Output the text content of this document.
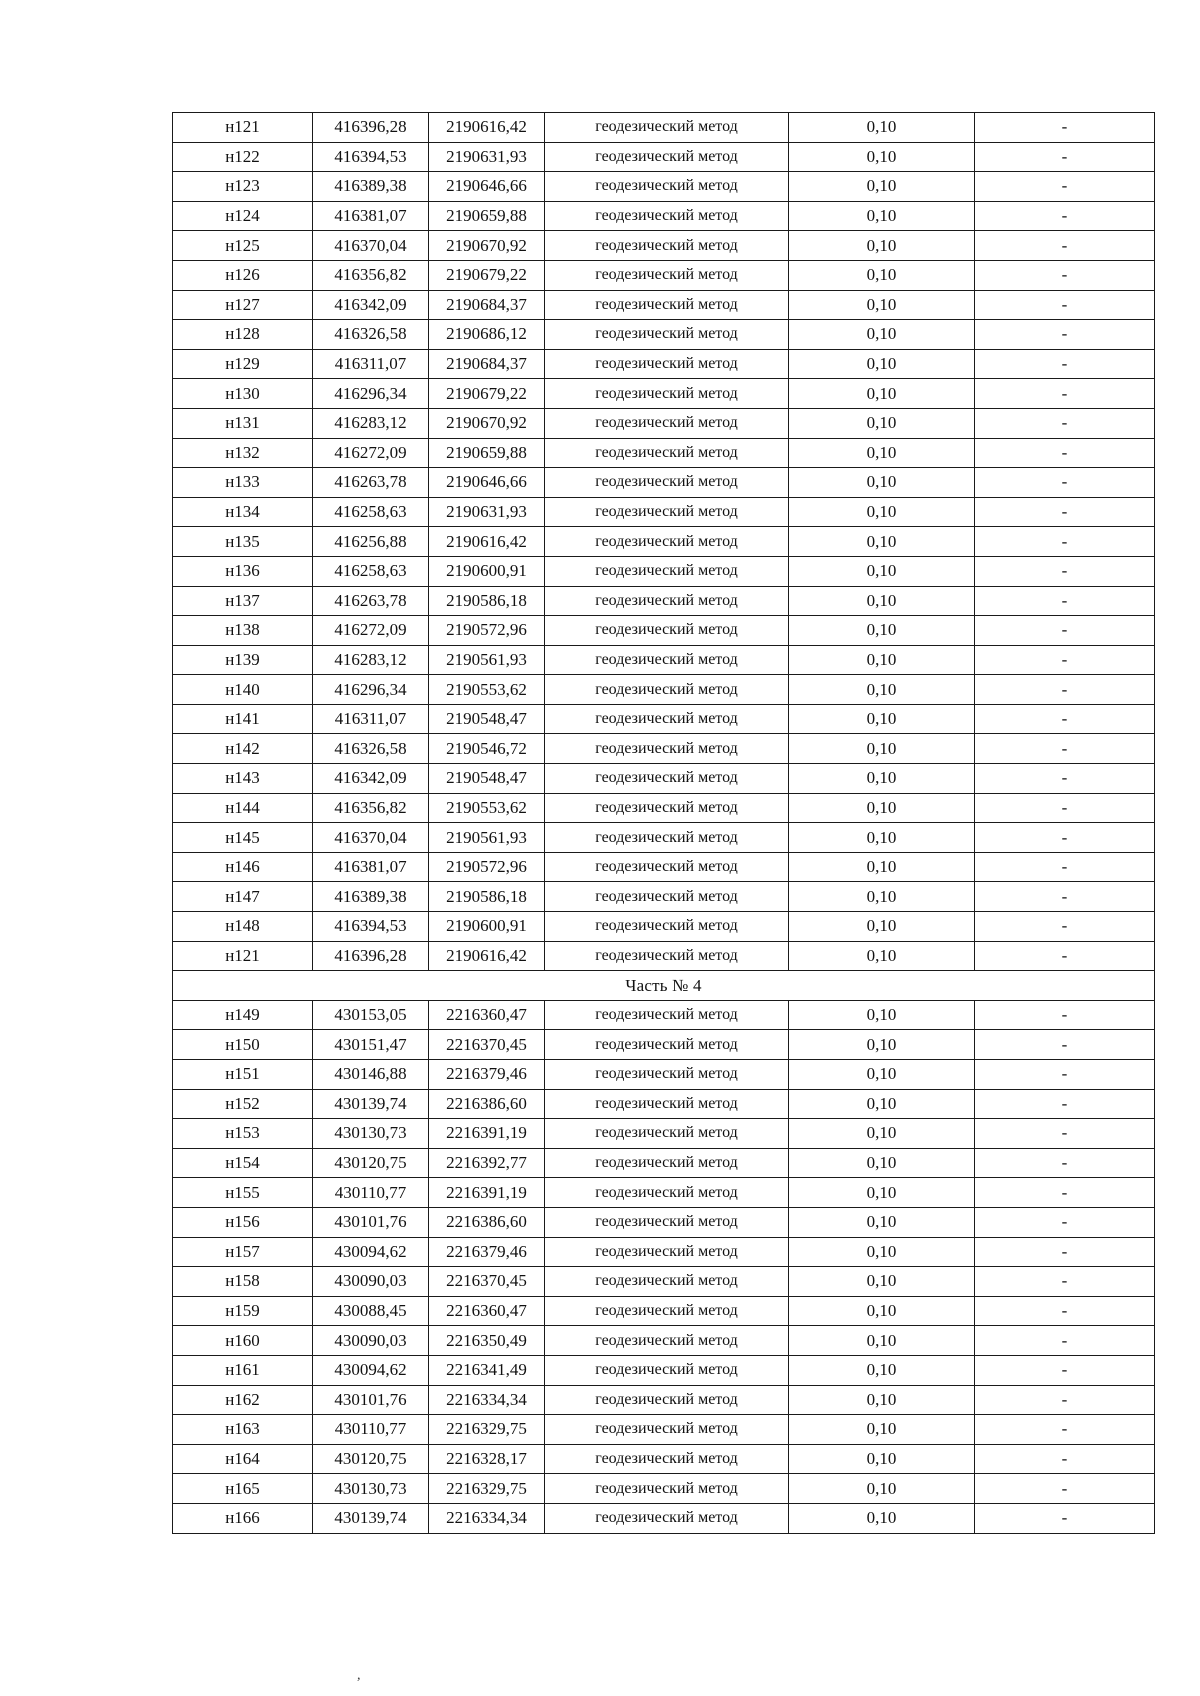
н121	416396,28	2190616,42	геодезический метод	0,10	-
н122	416394,53	2190631,93	геодезический метод	0,10	-
н123	416389,38	2190646,66	геодезический метод	0,10	-
н124	416381,07	2190659,88	геодезический метод	0,10	-
н125	416370,04	2190670,92	геодезический метод	0,10	-
н126	416356,82	2190679,22	геодезический метод	0,10	-
н127	416342,09	2190684,37	геодезический метод	0,10	-
н128	416326,58	2190686,12	геодезический метод	0,10	-
н129	416311,07	2190684,37	геодезический метод	0,10	-
н130	416296,34	2190679,22	геодезический метод	0,10	-
н131	416283,12	2190670,92	геодезический метод	0,10	-
н132	416272,09	2190659,88	геодезический метод	0,10	-
н133	416263,78	2190646,66	геодезический метод	0,10	-
н134	416258,63	2190631,93	геодезический метод	0,10	-
н135	416256,88	2190616,42	геодезический метод	0,10	-
н136	416258,63	2190600,91	геодезический метод	0,10	-
н137	416263,78	2190586,18	геодезический метод	0,10	-
н138	416272,09	2190572,96	геодезический метод	0,10	-
н139	416283,12	2190561,93	геодезический метод	0,10	-
н140	416296,34	2190553,62	геодезический метод	0,10	-
н141	416311,07	2190548,47	геодезический метод	0,10	-
н142	416326,58	2190546,72	геодезический метод	0,10	-
н143	416342,09	2190548,47	геодезический метод	0,10	-
н144	416356,82	2190553,62	геодезический метод	0,10	-
н145	416370,04	2190561,93	геодезический метод	0,10	-
н146	416381,07	2190572,96	геодезический метод	0,10	-
н147	416389,38	2190586,18	геодезический метод	0,10	-
н148	416394,53	2190600,91	геодезический метод	0,10	-
н121	416396,28	2190616,42	геодезический метод	0,10	-
Часть № 4					
н149	430153,05	2216360,47	геодезический метод	0,10	-
н150	430151,47	2216370,45	геодезический метод	0,10	-
н151	430146,88	2216379,46	геодезический метод	0,10	-
н152	430139,74	2216386,60	геодезический метод	0,10	-
н153	430130,73	2216391,19	геодезический метод	0,10	-
н154	430120,75	2216392,77	геодезический метод	0,10	-
н155	430110,77	2216391,19	геодезический метод	0,10	-
н156	430101,76	2216386,60	геодезический метод	0,10	-
н157	430094,62	2216379,46	геодезический метод	0,10	-
н158	430090,03	2216370,45	геодезический метод	0,10	-
н159	430088,45	2216360,47	геодезический метод	0,10	-
н160	430090,03	2216350,49	геодезический метод	0,10	-
н161	430094,62	2216341,49	геодезический метод	0,10	-
н162	430101,76	2216334,34	геодезический метод	0,10	-
н163	430110,77	2216329,75	геодезический метод	0,10	-
н164	430120,75	2216328,17	геодезический метод	0,10	-
н165	430130,73	2216329,75	геодезический метод	0,10	-
н166	430139,74	2216334,34	геодезический метод	0,10	-
,
